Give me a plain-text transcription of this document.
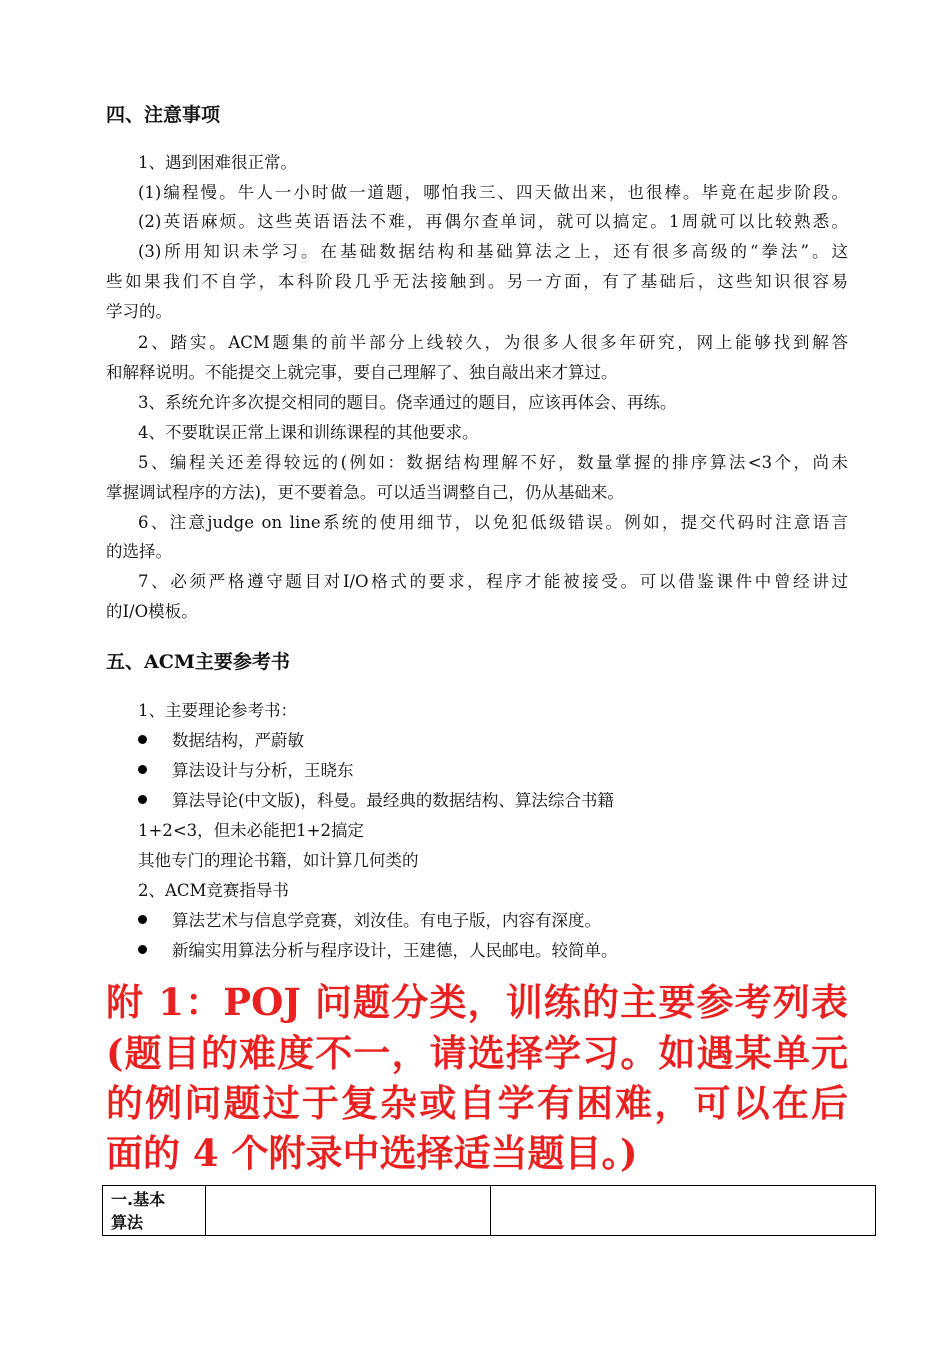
四、注意事项
1、遇到困难很正常。
(1)编程慢。牛人一小时做一道题，哪怕我三、四天做出来，也很棒。毕竟在起步阶段。
(2)英语麻烦。这些英语语法不难，再偶尔查单词，就可以搞定。1周就可以比较熟悉。
(3)所用知识未学习。在基础数据结构和基础算法之上，还有很多高级的“拳法”。这
些如果我们不自学，本科阶段几乎无法接触到。另一方面，有了基础后，这些知识很容易
学习的。
2、踏实。ACM题集的前半部分上线较久，为很多人很多年研究，网上能够找到解答
和解释说明。不能提交上就完事，要自己理解了、独自敲出来才算过。
3、系统允许多次提交相同的题目。侥幸通过的题目，应该再体会、再练。
4、不要耽误正常上课和训练课程的其他要求。
5、编程关还差得较远的(例如：数据结构理解不好，数量掌握的排序算法<3个，尚未
掌握调试程序的方法)，更不要着急。可以适当调整自己，仍从基础来。
6、注意judge on line系统的使用细节，以免犯低级错误。例如，提交代码时注意语言
的选择。
7、必须严格遵守题目对I/O格式的要求，程序才能被接受。可以借鉴课件中曾经讲过
的I/O模板。
五、ACM主要参考书
1、主要理论参考书：
数据结构，严蔚敏
算法设计与分析，王晓东
算法导论(中文版)，科曼。最经典的数据结构、算法综合书籍
1+2<3，但未必能把1+2搞定
其他专门的理论书籍，如计算几何类的
2、ACM竞赛指导书
算法艺术与信息学竞赛，刘汝佳。有电子版，内容有深度。
新编实用算法分析与程序设计，王建德，人民邮电。较简单。
附 1：POJ 问题分类，训练的主要参考列表
(题目的难度不一，请选择学习。如遇某单元
的例问题过于复杂或自学有困难，可以在后
面的 4 个附录中选择适当题目。)
一.基本
算法
